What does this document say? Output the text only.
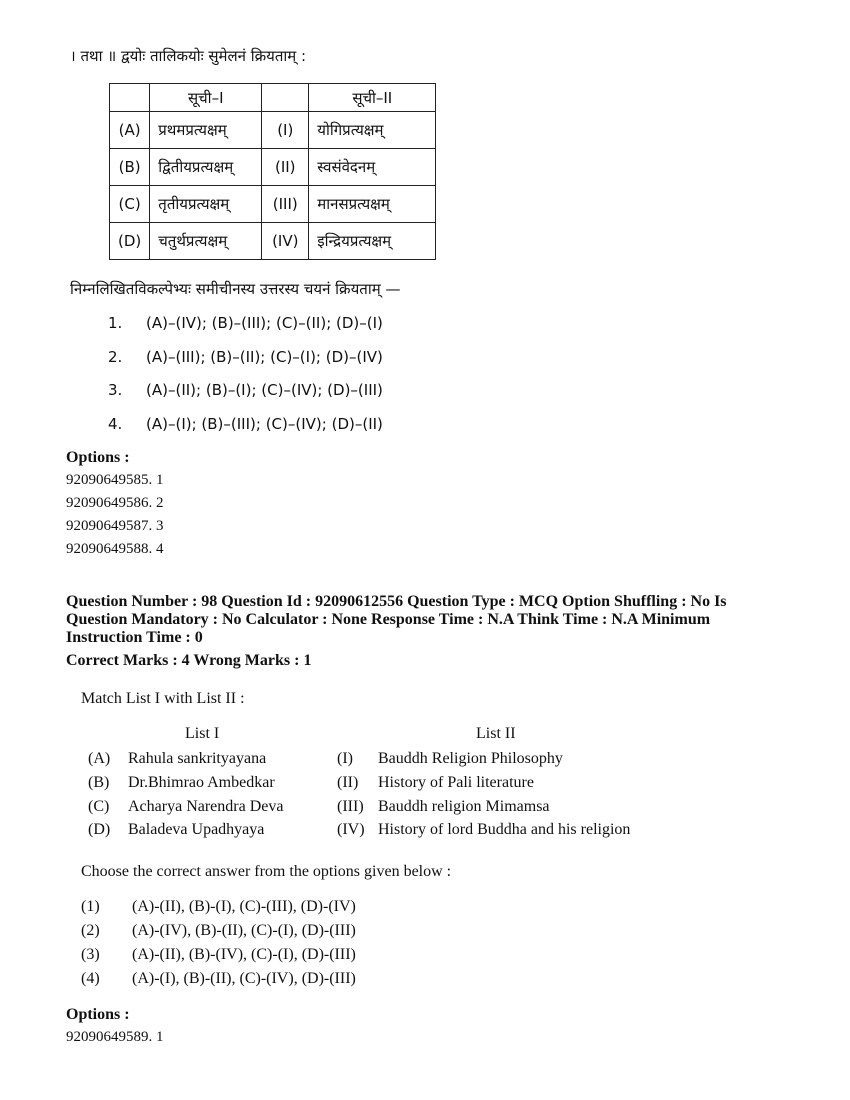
। तथा ॥ द्वयोः तालिकयोः सुमेलनं क्रियताम् :
	सूची–I		सूची–II
(A)	प्रथमप्रत्यक्षम्	(I)	योगिप्रत्यक्षम्
(B)	द्वितीयप्रत्यक्षम्	(II)	स्वसंवेदनम्
(C)	तृतीयप्रत्यक्षम्	(III)	मानसप्रत्यक्षम्
(D)	चतुर्थप्रत्यक्षम्	(IV)	इन्द्रियप्रत्यक्षम्
निम्नलिखितविकल्पेभ्यः समीचीनस्य उत्तरस्य चयनं क्रियताम् —
1. (A)–(IV); (B)–(III); (C)–(II); (D)–(I)
2. (A)–(III); (B)–(II); (C)–(I); (D)–(IV)
3. (A)–(II); (B)–(I); (C)–(IV); (D)–(III)
4. (A)–(I); (B)–(III); (C)–(IV); (D)–(II)
Options :
92090649585. 1
92090649586. 2
92090649587. 3
92090649588. 4
Question Number : 98 Question Id : 92090612556 Question Type : MCQ Option Shuffling : No Is
Question Mandatory : No Calculator : None Response Time : N.A Think Time : N.A Minimum
Instruction Time : 0
Correct Marks : 4 Wrong Marks : 1
Match List I with List II :
List I	List II
(A) Rahula sankrityayana	(I) Bauddh Religion Philosophy
(B) Dr.Bhimrao Ambedkar	(II) History of Pali literature
(C) Acharya Narendra Deva	(III) Bauddh religion Mimamsa
(D) Baladeva Upadhyaya	(IV) History of lord Buddha and his religion
Choose the correct answer from the options given below :
(1) (A)-(II), (B)-(I), (C)-(III), (D)-(IV)
(2) (A)-(IV), (B)-(II), (C)-(I), (D)-(III)
(3) (A)-(II), (B)-(IV), (C)-(I), (D)-(III)
(4) (A)-(I), (B)-(II), (C)-(IV), (D)-(III)
Options :
92090649589. 1
